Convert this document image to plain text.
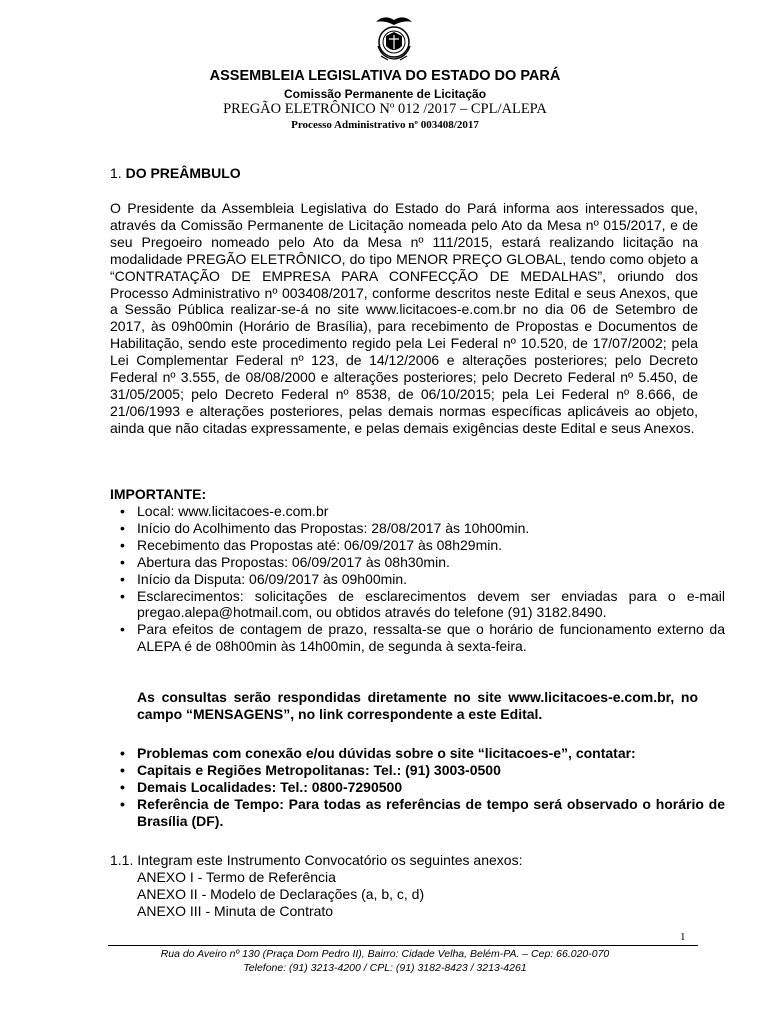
ASSEMBLEIA LEGISLATIVA DO ESTADO DO PARÁ
Comissão Permanente de Licitação
PREGÃO ELETRÔNICO Nº 012 /2017 – CPL/ALEPA
Processo Administrativo nº 003408/2017
1. DO PREÂMBULO
O Presidente da Assembleia Legislativa do Estado do Pará informa aos interessados que, através da Comissão Permanente de Licitação nomeada pelo Ato da Mesa nº 015/2017, e de seu Pregoeiro nomeado pelo Ato da Mesa nº 111/2015, estará realizando licitação na modalidade PREGÃO ELETRÔNICO, do tipo MENOR PREÇO GLOBAL, tendo como objeto a “CONTRATAÇÃO DE EMPRESA PARA CONFECÇÃO DE MEDALHAS”, oriundo dos Processo Administrativo nº 003408/2017, conforme descritos neste Edital e seus Anexos, que a Sessão Pública realizar-se-á no site www.licitacoes-e.com.br no dia 06 de Setembro de 2017, às 09h00min (Horário de Brasília), para recebimento de Propostas e Documentos de Habilitação, sendo este procedimento regido pela Lei Federal nº 10.520, de 17/07/2002; pela Lei Complementar Federal nº 123, de 14/12/2006 e alterações posteriores; pelo Decreto Federal nº 3.555, de 08/08/2000 e alterações posteriores; pelo Decreto Federal nº 5.450, de 31/05/2005; pelo Decreto Federal nº 8538, de 06/10/2015; pela Lei Federal nº 8.666, de 21/06/1993 e alterações posteriores, pelas demais normas específicas aplicáveis ao objeto, ainda que não citadas expressamente, e pelas demais exigências deste Edital e seus Anexos.
IMPORTANTE:
• Local: www.licitacoes-e.com.br
• Início do Acolhimento das Propostas: 28/08/2017 às 10h00min.
• Recebimento das Propostas até: 06/09/2017 às 08h29min.
• Abertura das Propostas: 06/09/2017 às 08h30min.
• Início da Disputa: 06/09/2017 às 09h00min.
• Esclarecimentos: solicitações de esclarecimentos devem ser enviadas para o e-mail pregao.alepa@hotmail.com, ou obtidos através do telefone (91) 3182.8490.
• Para efeitos de contagem de prazo, ressalta-se que o horário de funcionamento externo da ALEPA é de 08h00min às 14h00min, de segunda à sexta-feira.
As consultas serão respondidas diretamente no site www.licitacoes-e.com.br, no campo “MENSAGENS”, no link correspondente a este Edital.
• Problemas com conexão e/ou dúvidas sobre o site “licitacoes-e”, contatar:
• Capitais e Regiões Metropolitanas: Tel.: (91) 3003-0500
• Demais Localidades: Tel.: 0800-7290500
• Referência de Tempo: Para todas as referências de tempo será observado o horário de Brasília (DF).
1.1. Integram este Instrumento Convocatório os seguintes anexos:
ANEXO I - Termo de Referência
ANEXO II - Modelo de Declarações (a, b, c, d)
ANEXO III - Minuta de Contrato
1
Rua do Aveiro nº 130 (Praça Dom Pedro II), Bairro: Cidade Velha, Belém-PA. – Cep: 66.020-070
Telefone: (91) 3213-4200 / CPL: (91) 3182-8423 / 3213-4261
